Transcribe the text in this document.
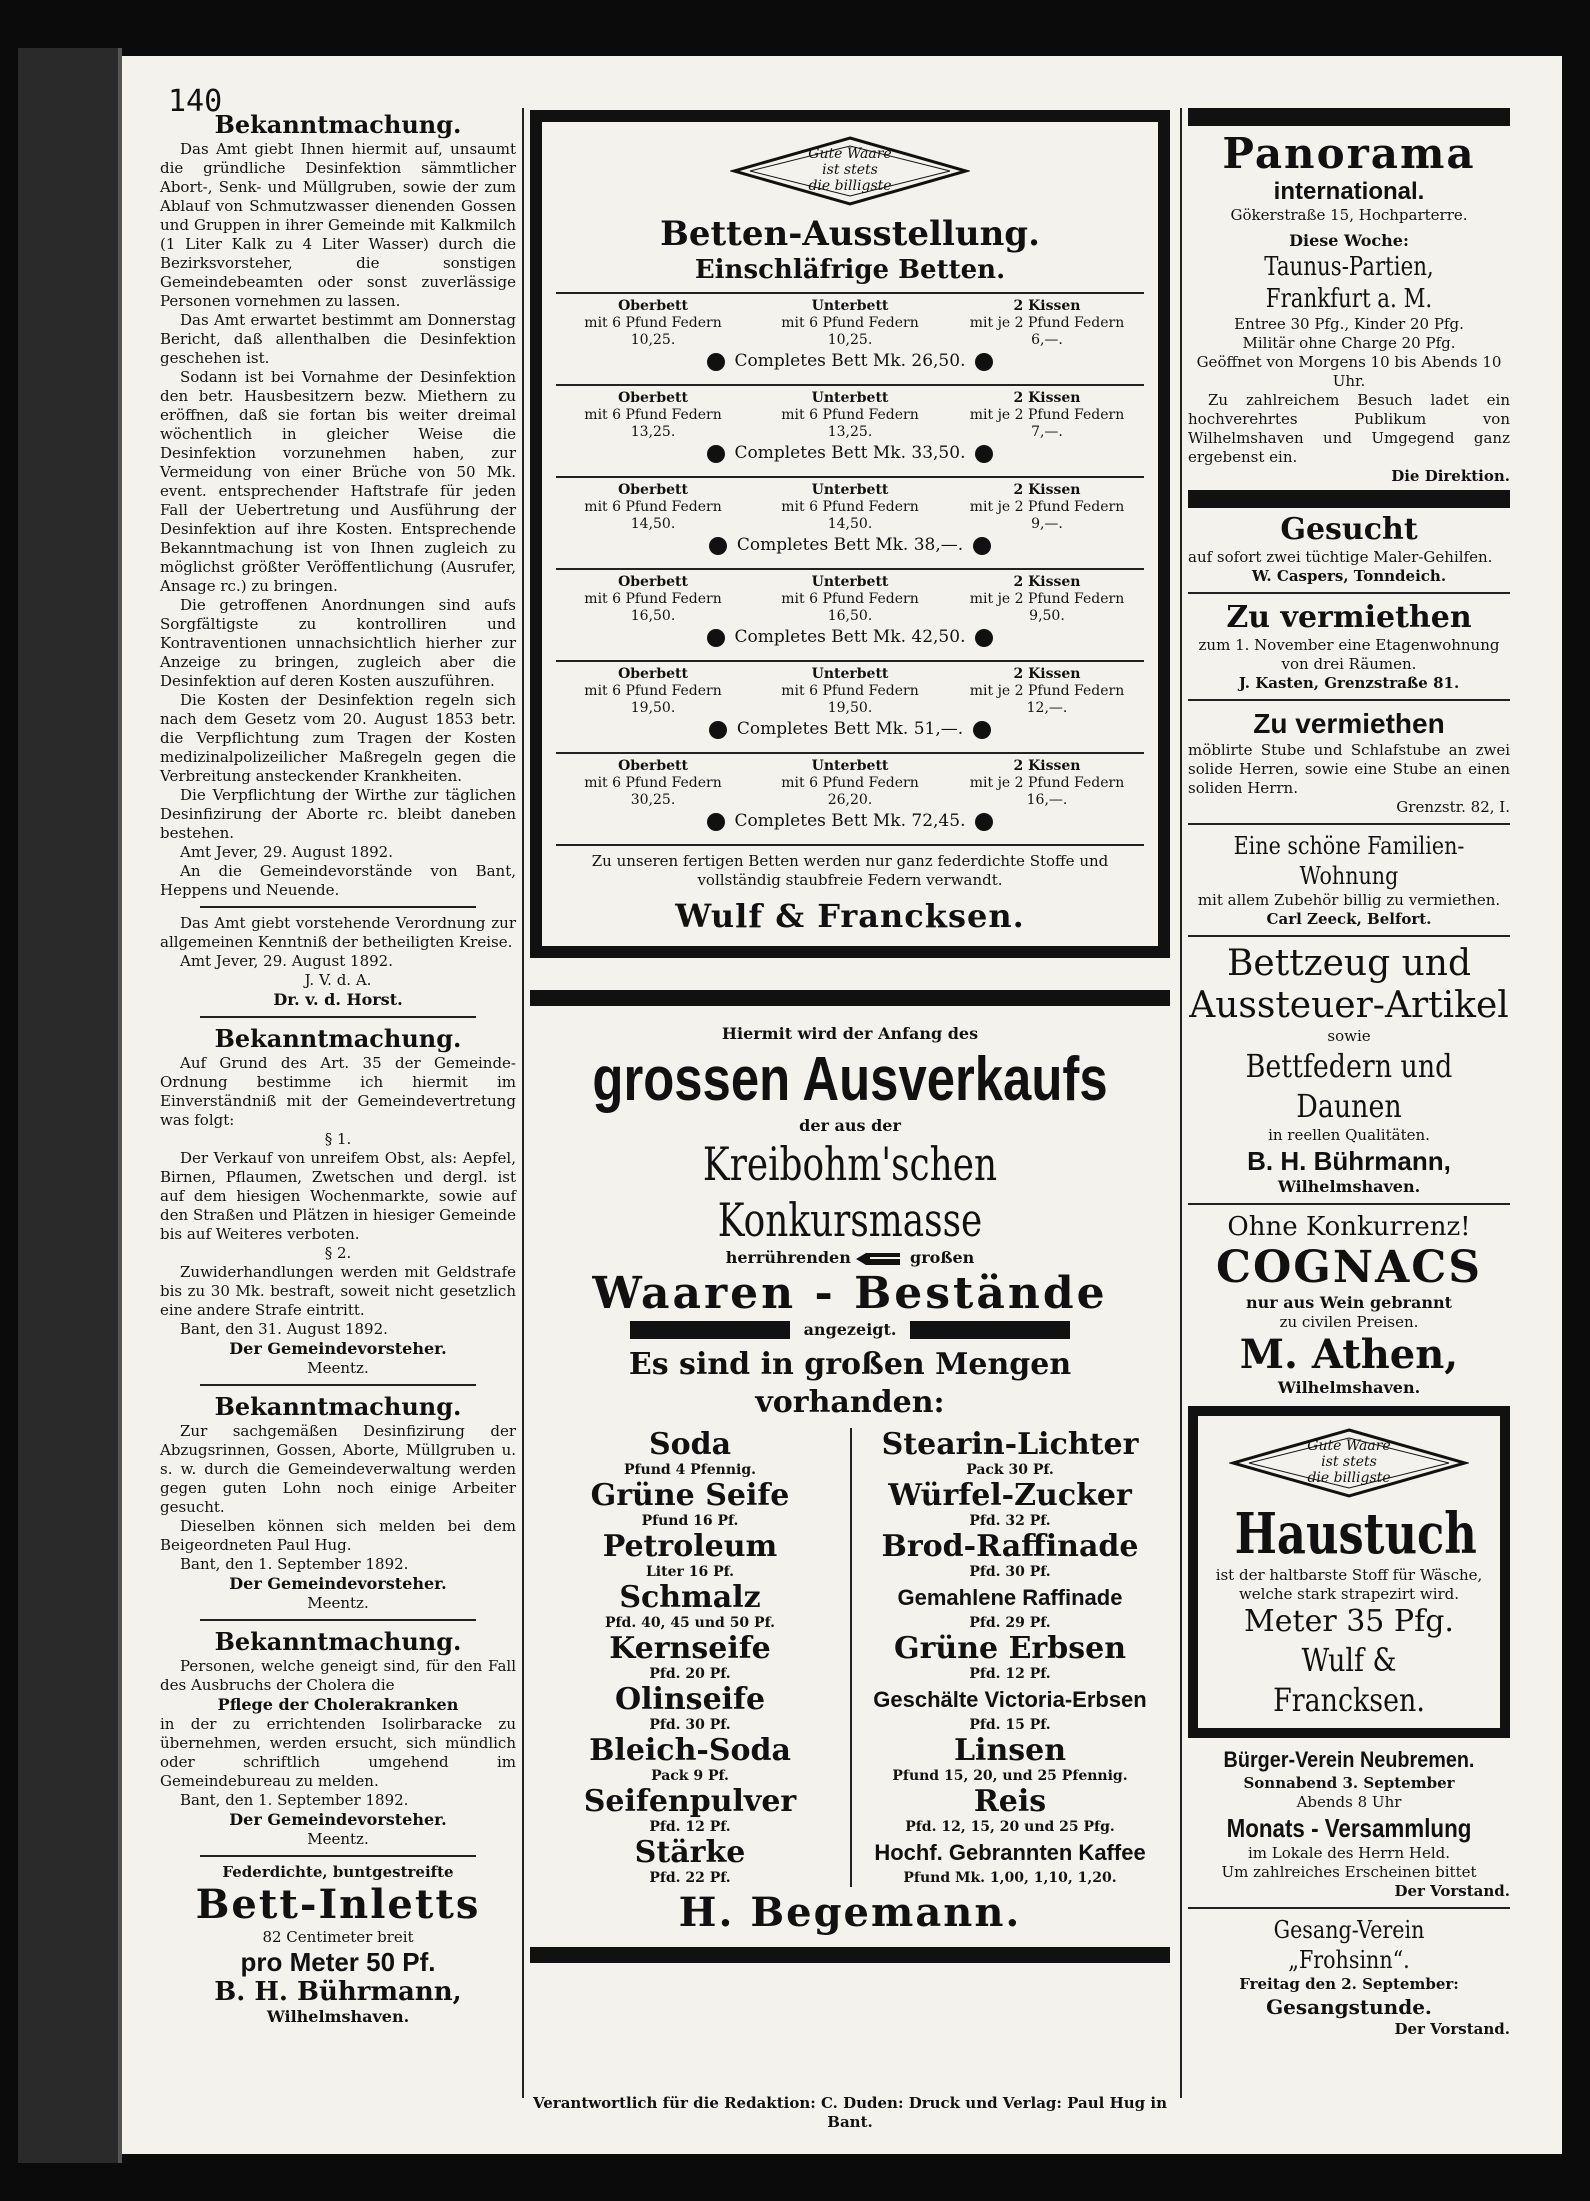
140
Bekanntmachung.

Das Amt giebt Ihnen hiermit auf, unsaumt die gründliche Desinfektion sämmtlicher Abort-, Senk- und Müllgruben, sowie der zum Ablauf von Schmutzwasser dienenden Gossen und Gruppen in ihrer Gemeinde mit Kalkmilch (1 Liter Kalk zu 4 Liter Wasser) durch die Bezirksvorsteher, die sonstigen Gemeindebeamten oder sonst zuverlässige Personen vornehmen zu lassen.

Das Amt erwartet bestimmt am Donnerstag Bericht, daß allenthalben die Desinfektion geschehen ist.

Sodann ist bei Vornahme der Desinfektion den betr. Hausbesitzern bezw. Miethern zu eröffnen, daß sie fortan bis weiter dreimal wöchentlich in gleicher Weise die Desinfektion vorzunehmen haben, zur Vermeidung von einer Brüche von 50 Mk. event. entsprechender Haftstrafe für jeden Fall der Uebertretung und Ausführung der Desinfektion auf ihre Kosten. Entsprechende Bekanntmachung ist von Ihnen zugleich zu möglichst größter Veröffentlichung (Ausrufer, Ansage rc.) zu bringen.

Die getroffenen Anordnungen sind aufs Sorgfältigste zu kontrolliren und Kontraventionen unnachsichtlich hierher zur Anzeige zu bringen, zugleich aber die Desinfektion auf deren Kosten auszuführen.

Die Kosten der Desinfektion regeln sich nach dem Gesetz vom 20. August 1853 betr. die Verpflichtung zum Tragen der Kosten medizinalpolizeilicher Maßregeln gegen die Verbreitung ansteckender Krankheiten.

Die Verpflichtung der Wirthe zur täglichen Desinfizirung der Aborte rc. bleibt daneben bestehen.

Amt Jever, 29. August 1892.

An die Gemeindevorstände von Bant, Heppens und Neuende.

Das Amt giebt vorstehende Verordnung zur allgemeinen Kenntniß der betheiligten Kreise.

Amt Jever, 29. August 1892.

J. V. d. A.

Dr. v. d. Horst.

Bekanntmachung.

Auf Grund des Art. 35 der Gemeinde-Ordnung bestimme ich hiermit im Einverständniß mit der Gemeindevertretung was folgt:

§ 1.

Der Verkauf von unreifem Obst, als: Aepfel, Birnen, Pflaumen, Zwetschen und dergl. ist auf dem hiesigen Wochenmarkte, sowie auf den Straßen und Plätzen in hiesiger Gemeinde bis auf Weiteres verboten.

§ 2.

Zuwiderhandlungen werden mit Geldstrafe bis zu 30 Mk. bestraft, soweit nicht gesetzlich eine andere Strafe eintritt.

Bant, den 31. August 1892.

Der Gemeindevorsteher.

Meentz.

Bekanntmachung.

Zur sachgemäßen Desinfizirung der Abzugsrinnen, Gossen, Aborte, Müllgruben u. s. w. durch die Gemeindeverwaltung werden gegen guten Lohn noch einige Arbeiter gesucht.

Dieselben können sich melden bei dem Beigeordneten Paul Hug.

Bant, den 1. September 1892.

Der Gemeindevorsteher.

Meentz.

Bekanntmachung.

Personen, welche geneigt sind, für den Fall des Ausbruchs der Cholera die

Pflege der Cholerakranken

in der zu errichtenden Isolirbaracke zu übernehmen, werden ersucht, sich mündlich oder schriftlich umgehend im Gemeindebureau zu melden.

Bant, den 1. September 1892.

Der Gemeindevorsteher.

Meentz.

Federdichte, buntgestreifte
Bett-Inletts
82 Centimeter breit
pro Meter 50 Pf.
B. H. Bührmann,
Wilhelmshaven.
Gute Waare
ist stets
die billigste
Betten-Ausstellung.
Einschläfrige Betten.
Oberbett
mit 6 Pfund Federn
10,25.
Unterbett
mit 6 Pfund Federn
10,25.
2 Kissen
mit je 2 Pfund Federn
6,—.
Completes Bett Mk. 26,50.
Oberbett
mit 6 Pfund Federn
13,25.
Unterbett
mit 6 Pfund Federn
13,25.
2 Kissen
mit je 2 Pfund Federn
7,—.
Completes Bett Mk. 33,50.
Oberbett
mit 6 Pfund Federn
14,50.
Unterbett
mit 6 Pfund Federn
14,50.
2 Kissen
mit je 2 Pfund Federn
9,—.
Completes Bett Mk. 38,—.
Oberbett
mit 6 Pfund Federn
16,50.
Unterbett
mit 6 Pfund Federn
16,50.
2 Kissen
mit je 2 Pfund Federn
9,50.
Completes Bett Mk. 42,50.
Oberbett
mit 6 Pfund Federn
19,50.
Unterbett
mit 6 Pfund Federn
19,50.
2 Kissen
mit je 2 Pfund Federn
12,—.
Completes Bett Mk. 51,—.
Oberbett
mit 6 Pfund Federn
30,25.
Unterbett
mit 6 Pfund Federn
26,20.
2 Kissen
mit je 2 Pfund Federn
16,—.
Completes Bett Mk. 72,45.
Zu unseren fertigen Betten werden nur ganz federdichte Stoffe und vollständig staubfreie Federn verwandt.
Wulf & Francksen.
Hiermit wird der Anfang des
grossen Ausverkaufs
der aus der
Kreibohm'schen Konkursmasse
herrührenden	großen
Waaren - Bestände
angezeigt.
Es sind in großen Mengen vorhanden:
Soda
Pfund 4 Pfennig.
Grüne Seife
Pfund 16 Pf.
Petroleum
Liter 16 Pf.
Schmalz
Pfd. 40, 45 und 50 Pf.
Kernseife
Pfd. 20 Pf.
Olinseife
Pfd. 30 Pf.
Bleich-Soda
Pack 9 Pf.
Seifenpulver
Pfd. 12 Pf.
Stärke
Pfd. 22 Pf.
Stearin-Lichter
Pack 30 Pf.
Würfel-Zucker
Pfd. 32 Pf.
Brod-Raffinade
Pfd. 30 Pf.
Gemahlene Raffinade
Pfd. 29 Pf.
Grüne Erbsen
Pfd. 12 Pf.
Geschälte Victoria-Erbsen
Pfd. 15 Pf.
Linsen
Pfund 15, 20, und 25 Pfennig.
Reis
Pfd. 12, 15, 20 und 25 Pfg.
Hochf. Gebrannten Kaffee
Pfund Mk. 1,00, 1,10, 1,20.
H. Begemann.
Panorama
international.
Gökerstraße 15, Hochparterre.
Diese Woche:
Taunus-Partien, Frankfurt a. M.
Entree 30 Pfg., Kinder 20 Pfg.
Militär ohne Charge 20 Pfg.
Geöffnet von Morgens 10 bis Abends 10 Uhr.
Zu zahlreichem Besuch ladet ein hochverehrtes Publikum von Wilhelmshaven und Umgegend ganz ergebenst ein.
Die Direktion.
Gesucht
auf sofort zwei tüchtige Maler-Gehilfen.
W. Caspers, Tonndeich.
Zu vermiethen
zum 1. November eine Etagenwohnung von drei Räumen.
J. Kasten, Grenzstraße 81.
Zu vermiethen
möblirte Stube und Schlafstube an zwei solide Herren, sowie eine Stube an einen soliden Herrn.
Grenzstr. 82, I.
Eine schöne Familien-Wohnung
mit allem Zubehör billig zu vermiethen.
Carl Zeeck, Belfort.
Bettzeug und
Aussteuer-Artikel
sowie
Bettfedern und Daunen
in reellen Qualitäten.
B. H. Bührmann,
Wilhelmshaven.
Ohne Konkurrenz!
COGNACS
nur aus Wein gebrannt
zu civilen Preisen.
M. Athen,
Wilhelmshaven.
Gute Waare
ist stets
die billigste
Haustuch
ist der haltbarste Stoff für Wäsche, welche stark strapezirt wird.
Meter 35 Pfg.
Wulf & Francksen.
Bürger-Verein Neubremen.
Sonnabend 3. September
Abends 8 Uhr
Monats - Versammlung
im Lokale des Herrn Held.
Um zahlreiches Erscheinen bittet
Der Vorstand.
Gesang-Verein „Frohsinn“.
Freitag den 2. September:
Gesangstunde.
Der Vorstand.
Verantwortlich für die Redaktion: C. Duden: Druck und Verlag: Paul Hug in Bant.
